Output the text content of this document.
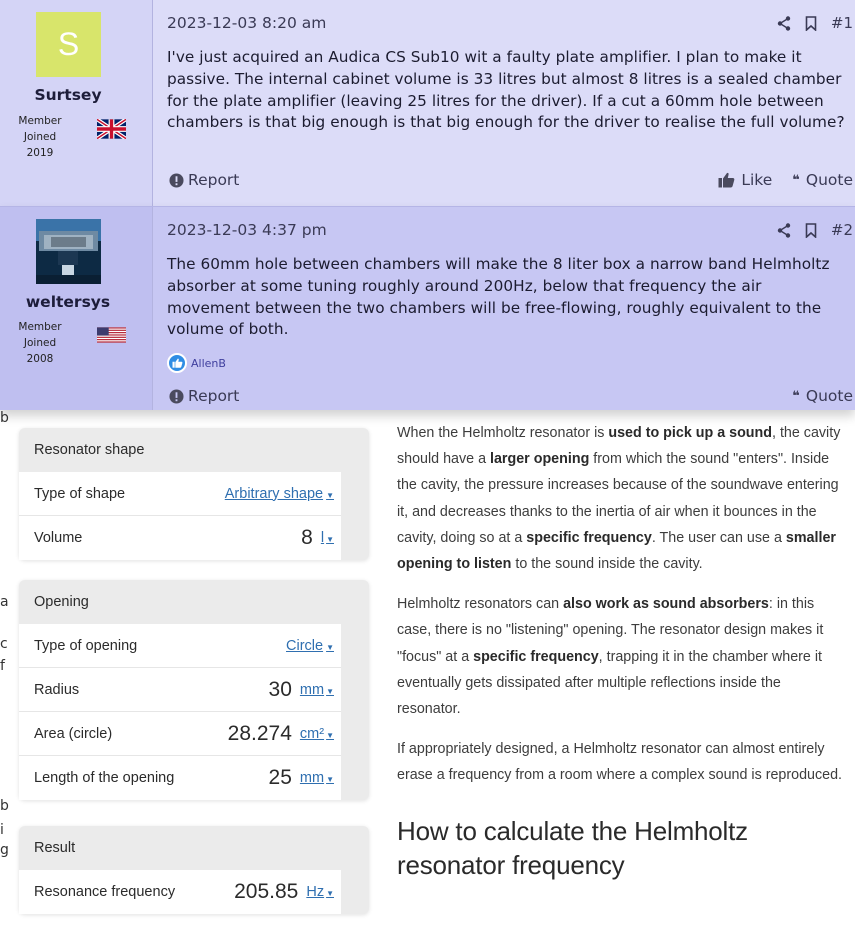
S
Surtsey
Member
Joined 2019
2023-12-03 8:20 am	#1
I've just acquired an Audica CS Sub10 wit a faulty plate amplifier. I plan to make it passive. The internal cabinet volume is 33 litres but almost 8 litres is a sealed chamber for the plate amplifier (leaving 25 litres for the driver). If a cut a 60mm hole between chambers is that big enough is that big enough for the driver to realise the full volume?
Report	Like ❝ Quote
weltersys
Member
Joined 2008
2023-12-03 4:37 pm	#2
The 60mm hole between chambers will make the 8 liter box a narrow band Helmholtz absorber at some tuning roughly around 200Hz, below that frequency the air movement between the two chambers will be free-flowing, roughly equivalent to the volume of both.
AllenB
Report	❝ Quote
b
a
c
f
b
i
g
Resonator shape
Type of shape	Arbitrary shape ▼
Volume	8 l ▼
Opening
Type of opening	Circle ▼
Radius	30 mm ▼
Area (circle)	28.274 cm² ▼
Length of the opening	25 mm ▼
Result
Resonance frequency	205.85 Hz ▼

When the Helmholtz resonator is used to pick up a sound, the cavity should have a larger opening from which the sound "enters". Inside the cavity, the pressure increases because of the soundwave entering it, and decreases thanks to the inertia of air when it bounces in the cavity, doing so at a specific frequency. The user can use a smaller opening to listen to the sound inside the cavity.

Helmholtz resonators can also work as sound absorbers: in this case, there is no "listening" opening. The resonator design makes it "focus" at a specific frequency, trapping it in the chamber where it eventually gets dissipated after multiple reflections inside the resonator.

If appropriately designed, a Helmholtz resonator can almost entirely erase a frequency from a room where a complex sound is reproduced.

How to calculate the Helmholtz resonator frequency
